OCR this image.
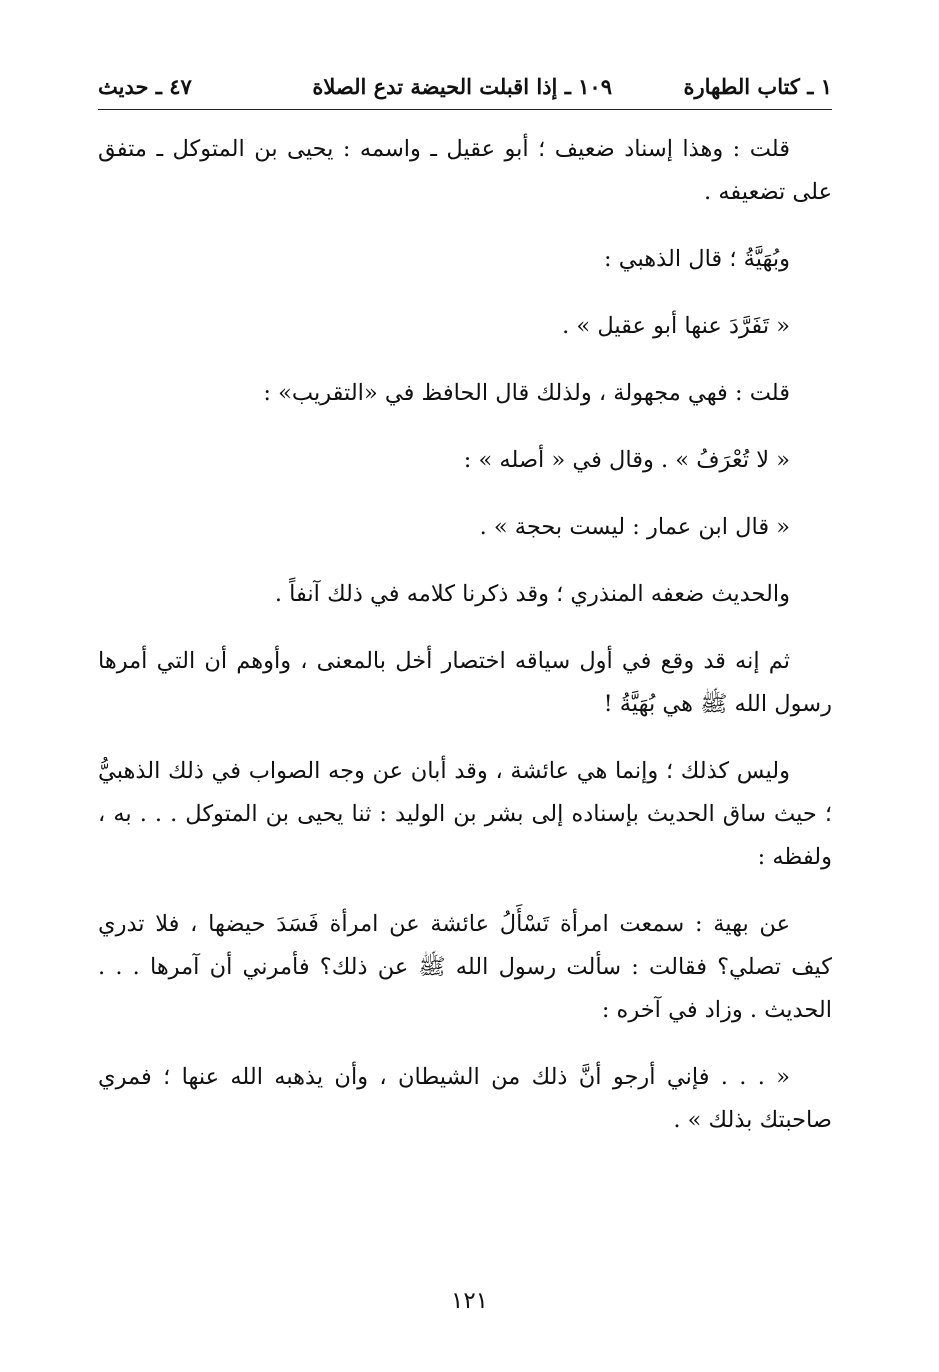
١ ـ كتاب الطهارة
١٠٩ ـ إذا اقبلت الحيضة تدع الصلاة
٤٧ ـ حديث

قلت : وهذا إسناد ضعيف ؛ أبو عقيل ـ واسمه : يحيى بن المتوكل ـ متفق على تضعيفه .

وبُهَيَّةُ ؛ قال الذهبي :

« تَفَرَّدَ عنها أبو عقيل » .

قلت : فهي مجهولة ، ولذلك قال الحافظ في «التقريب» :

« لا تُعْرَفُ » . وقال في « أصله » :

« قال ابن عمار : ليست بحجة » .

والحديث ضعفه المنذري ؛ وقد ذكرنا كلامه في ذلك آنفاً .

ثم إنه قد وقع في أول سياقه اختصار أخل بالمعنى ، وأوهم أن التي أمرها رسول الله ﷺ هي بُهَيَّةُ !

وليس كذلك ؛ وإنما هي عائشة ، وقد أبان عن وجه الصواب في ذلك الذهبيُّ ؛ حيث ساق الحديث بإسناده إلى بشر بن الوليد : ثنا يحيى بن المتوكل . . . به ، ولفظه :

عن بهية : سمعت امرأة تَسْأَلُ عائشة عن امرأة فَسَدَ حيضها ، فلا تدري كيف تصلي؟ فقالت : سألت رسول الله ﷺ عن ذلك؟ فأمرني أن آمرها . . . الحديث . وزاد في آخره :

« . . . فإني أرجو أنَّ ذلك من الشيطان ، وأن يذهبه الله عنها ؛ فمري صاحبتك بذلك » .

١٢١
